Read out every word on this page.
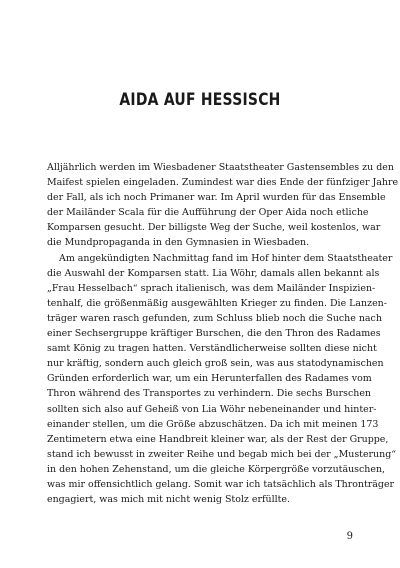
AIDA AUF HESSISCH
Alljährlich werden im Wiesbadener Staatstheater Gastensembles zu den
Maifest spielen eingeladen. Zumindest war dies Ende der fünfziger Jahre
der Fall, als ich noch Primaner war. Im April wurden für das Ensemble
der Mailänder Scala für die Aufführung der Oper Aida noch etliche
Komparsen gesucht. Der billigste Weg der Suche, weil kostenlos, war
die Mundpropaganda in den Gymnasien in Wiesbaden.
Am angekündigten Nachmittag fand im Hof hinter dem Staatstheater
die Auswahl der Komparsen statt. Lia Wöhr, damals allen bekannt als
„Frau Hesselbach“ sprach italienisch, was dem Mailänder Inspizien-
tenhalf, die größenmäßig ausgewählten Krieger zu finden. Die Lanzen-
träger waren rasch gefunden, zum Schluss blieb noch die Suche nach
einer Sechsergruppe kräftiger Burschen, die den Thron des Radames
samt König zu tragen hatten. Verständlicherweise sollten diese nicht
nur kräftig, sondern auch gleich groß sein, was aus statodynamischen
Gründen erforderlich war, um ein Herunterfallen des Radames vom
Thron während des Transportes zu verhindern. Die sechs Burschen
sollten sich also auf Geheiß von Lia Wöhr nebeneinander und hinter-
einander stellen, um die Größe abzuschätzen. Da ich mit meinen 173
Zentimetern etwa eine Handbreit kleiner war, als der Rest der Gruppe,
stand ich bewusst in zweiter Reihe und begab mich bei der „Musterung“
in den hohen Zehenstand, um die gleiche Körpergröße vorzutäuschen,
was mir offensichtlich gelang. Somit war ich tatsächlich als Thronträger
engagiert, was mich mit nicht wenig Stolz erfüllte.
9
